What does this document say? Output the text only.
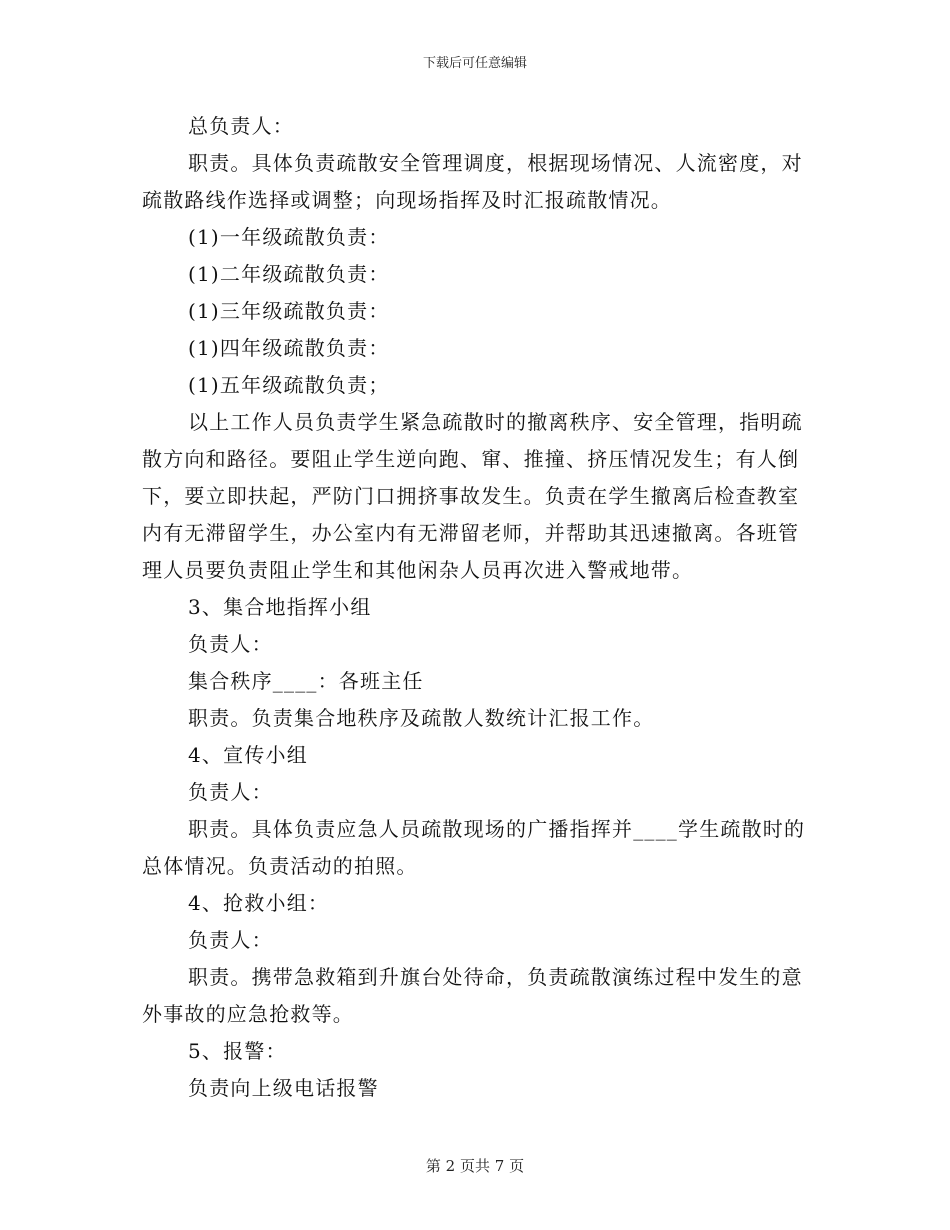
下载后可任意编辑

总负责人：

职责。具体负责疏散安全管理调度，根据现场情况、人流密度，对疏散路线作选择或调整；向现场指挥及时汇报疏散情况。

(1)一年级疏散负责：

(1)二年级疏散负责：

(1)三年级疏散负责：

(1)四年级疏散负责：

(1)五年级疏散负责；

以上工作人员负责学生紧急疏散时的撤离秩序、安全管理，指明疏散方向和路径。要阻止学生逆向跑、窜、推撞、挤压情况发生；有人倒下，要立即扶起，严防门口拥挤事故发生。负责在学生撤离后检查教室内有无滞留学生，办公室内有无滞留老师，并帮助其迅速撤离。各班管理人员要负责阻止学生和其他闲杂人员再次进入警戒地带。

3、集合地指挥小组

负责人：

集合秩序____：各班主任

职责。负责集合地秩序及疏散人数统计汇报工作。

4、宣传小组

负责人：

职责。具体负责应急人员疏散现场的广播指挥并____学生疏散时的总体情况。负责活动的拍照。

4、抢救小组：

负责人：

职责。携带急救箱到升旗台处待命，负责疏散演练过程中发生的意外事故的应急抢救等。

5、报警：

负责向上级电话报警

第 2 页共 7 页
